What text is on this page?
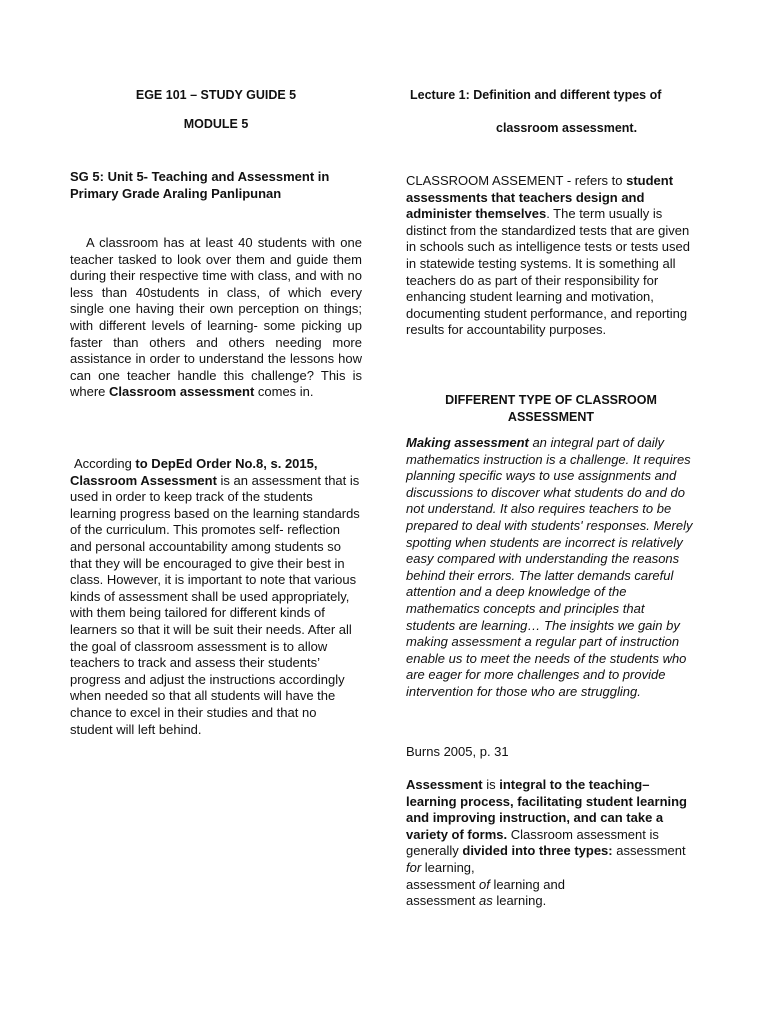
EGE 101 – STUDY GUIDE 5
MODULE 5
SG 5: Unit 5- Teaching and Assessment in Primary Grade Araling Panlipunan

A classroom has at least 40 students with one teacher tasked to look over them and guide them during their respective time with class, and with no less than 40students in class, of which every single one having their own perception on things; with different levels of learning- some picking up faster than others and others needing more assistance in order to understand the lessons how can one teacher handle this challenge? This is where Classroom assessment comes in.

According to DepEd Order No.8, s. 2015, Classroom Assessment is an assessment that is used in order to keep track of the students learning progress based on the learning standards of the curriculum. This promotes self- reflection and personal accountability among students so that they will be encouraged to give their best in class. However, it is important to note that various kinds of assessment shall be used appropriately, with them being tailored for different kinds of learners so that it will be suit their needs. After all the goal of classroom assessment is to allow teachers to track and assess their students’ progress and adjust the instructions accordingly when needed so that all students will have the chance to excel in their studies and that no student will left behind.

Lecture 1: Definition and different types of
classroom assessment.

CLASSROOM ASSEMENT - refers to student assessments that teachers design and administer themselves. The term usually is distinct from the standardized tests that are given in schools such as intelligence tests or tests used in statewide testing systems. It is something all teachers do as part of their responsibility for enhancing student learning and motivation, documenting student performance, and reporting results for accountability purposes.

DIFFERENT TYPE OF CLASSROOM ASSESSMENT

Making assessment an integral part of daily mathematics instruction is a challenge. It requires planning specific ways to use assignments and discussions to discover what students do and do not understand. It also requires teachers to be prepared to deal with students' responses. Merely spotting when students are incorrect is relatively easy compared with understanding the reasons behind their errors. The latter demands careful attention and a deep knowledge of the mathematics concepts and principles that students are learning… The insights we gain by making assessment a regular part of instruction enable us to meet the needs of the students who are eager for more challenges and to provide intervention for those who are struggling.

Burns 2005, p. 31

Assessment is integral to the teaching–learning process, facilitating student learning and improving instruction, and can take a variety of forms. Classroom assessment is generally divided into three types: assessment for learning,
assessment of learning and
assessment as learning.
